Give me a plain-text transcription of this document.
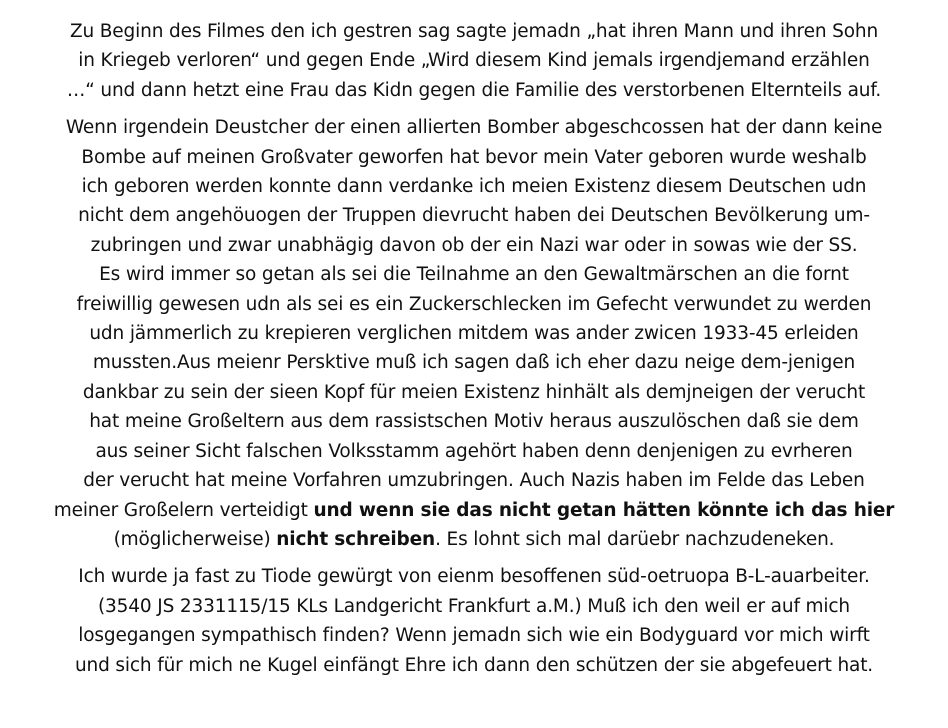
Zu Beginn des Filmes den ich gestren sag sagte jemadn „hat ihren Mann und ihren Sohn
in Kriegeb verloren“ und gegen Ende „Wird diesem Kind jemals irgendjemand erzählen
…“ und dann hetzt eine Frau das Kidn gegen die Familie des verstorbenen Elternteils auf.

Wenn irgendein Deustcher der einen allierten Bomber abgeschcossen hat der dann keine
Bombe auf meinen Großvater geworfen hat bevor mein Vater geboren wurde weshalb
ich geboren werden konnte dann verdanke ich meien Existenz diesem Deutschen udn
nicht dem angehöuogen der Truppen dievrucht haben dei Deutschen Bevölkerung um-
zubringen und zwar unabhägig davon ob der ein Nazi war oder in sowas wie der SS.
Es wird immer so getan als sei die Teilnahme an den Gewaltmärschen an die fornt
freiwillig gewesen udn als sei es ein Zuckerschlecken im Gefecht verwundet zu werden
udn jämmerlich zu krepieren verglichen mitdem was ander zwicen 1933-45 erleiden
mussten.Aus meienr Persktive muß ich sagen daß ich eher dazu neige dem-jenigen
dankbar zu sein der sieen Kopf für meien Existenz hinhält als demjneigen der verucht
hat meine Großeltern aus dem rassistschen Motiv heraus auszulöschen daß sie dem
aus seiner Sicht falschen Volksstamm agehört haben denn denjenigen zu evrheren
der verucht hat meine Vorfahren umzubringen. Auch Nazis haben im Felde das Leben
meiner Großelern verteidigt und wenn sie das nicht getan hätten könnte ich das hier
(möglicherweise) nicht schreiben. Es lohnt sich mal darüebr nachzudeneken.

Ich wurde ja fast zu Tiode gewürgt von eienm besoffenen süd-oetruopa B-L-auarbeiter.
(3540 JS 2331115/15 KLs Landgericht Frankfurt a.M.) Muß ich den weil er auf mich
losgegangen sympathisch finden? Wenn jemadn sich wie ein Bodyguard vor mich wirft
und sich für mich ne Kugel einfängt Ehre ich dann den schützen der sie abgefeuert hat.
